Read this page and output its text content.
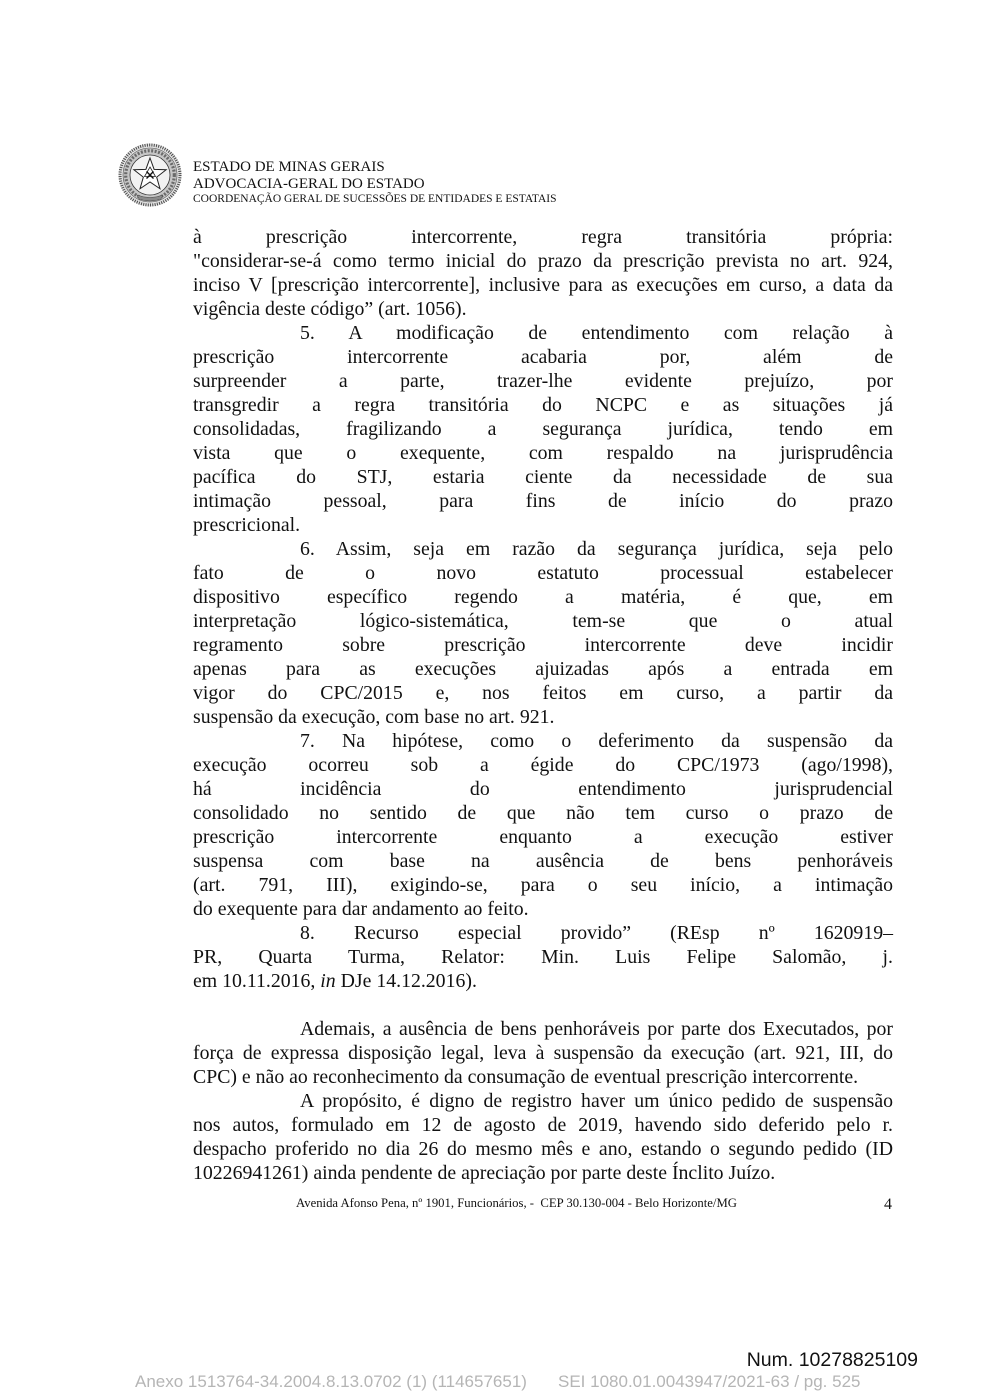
ESTADO DE MINAS GERAIS
ADVOCACIA-GERAL DO ESTADO
COORDENAÇÃO GERAL DE SUCESSÕES DE ENTIDADES E ESTATAIS
à prescrição intercorrente, regra transitória própria:
"considerar-se-á como termo inicial do prazo da prescrição prevista no art. 924,
inciso V [prescrição intercorrente], inclusive para as execuções em curso, a data da
vigência deste código” (art. 1056).
5. A modificação de entendimento com relação à
prescrição intercorrente acabaria por, além de
surpreender a parte, trazer-lhe evidente prejuízo, por
transgredir a regra transitória do NCPC e as situações já
consolidadas, fragilizando a segurança jurídica, tendo em
vista que o exequente, com respaldo na jurisprudência
pacífica do STJ, estaria ciente da necessidade de sua
intimação pessoal, para fins de início do prazo
prescricional.
6. Assim, seja em razão da segurança jurídica, seja pelo
fato de o novo estatuto processual estabelecer
dispositivo específico regendo a matéria, é que, em
interpretação lógico-sistemática, tem-se que o atual
regramento sobre prescrição intercorrente deve incidir
apenas para as execuções ajuizadas após a entrada em
vigor do CPC/2015 e, nos feitos em curso, a partir da
suspensão da execução, com base no art. 921.
7. Na hipótese, como o deferimento da suspensão da
execução ocorreu sob a égide do CPC/1973 (ago/1998),
há incidência do entendimento jurisprudencial
consolidado no sentido de que não tem curso o prazo de
prescrição intercorrente enquanto a execução estiver
suspensa com base na ausência de bens penhoráveis
(art. 791, III), exigindo-se, para o seu início, a intimação
do exequente para dar andamento ao feito.
8. Recurso especial provido” (REsp nº 1620919–
PR, Quarta Turma, Relator: Min. Luis Felipe Salomão, j.
em 10.11.2016, in DJe 14.12.2016).
Ademais, a ausência de bens penhoráveis por parte dos Executados, por
força de expressa disposição legal, leva à suspensão da execução (art. 921, III, do
CPC) e não ao reconhecimento da consumação de eventual prescrição intercorrente.
A propósito, é digno de registro haver um único pedido de suspensão
nos autos, formulado em 12 de agosto de 2019, havendo sido deferido pelo r.
despacho proferido no dia 26 do mesmo mês e ano, estando o segundo pedido (ID
10226941261) ainda pendente de apreciação por parte deste Ínclito Juízo.
Avenida Afonso Pena, nº 1901, Funcionários, -  CEP 30.130-004 - Belo Horizonte/MG	4
Num. 10278825109
Anexo 1513764-34.2004.8.13.0702 (1) (114657651) SEI 1080.01.0043947/2021-63 / pg. 525
